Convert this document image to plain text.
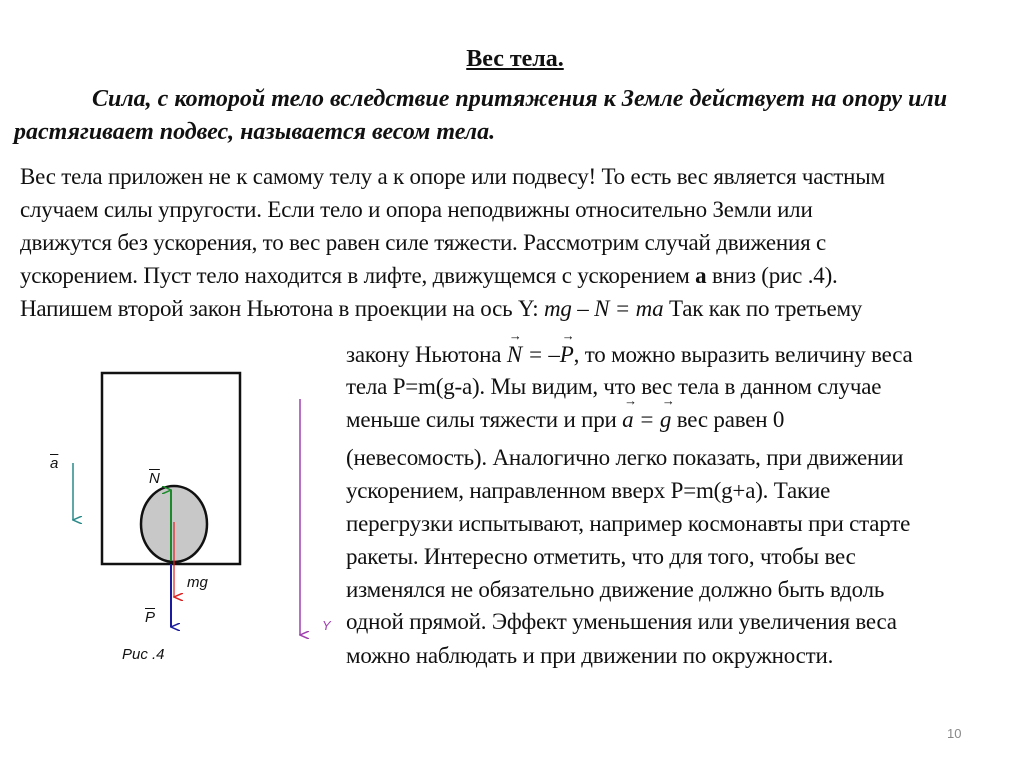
Вес тела.
Сила, с которой тело вследствие притяжения к Земле действует на опору или
растягивает подвес, называется весом тела.
Вес тела приложен не к самому телу а к опоре или подвесу! То есть вес является частным
случаем силы упругости. Если тело и опора неподвижны относительно Земли или
движутся без ускорения, то вес равен силе тяжести. Рассмотрим случай движения с
ускорением. Пуст тело находится в лифте, движущемся с ускорением а вниз (рис .4).
Напишем второй закон Ньютона в проекции на ось Y: mg – N = ma Так как по третьему
закону Ньютона → N = –→ P, то можно выразить величину веса
тела P=m(g-a). Мы видим, что вес тела в данном случае
меньше силы тяжести и при → a = → g вес равен 0
(невесомость). Аналогично легко показать, при движении
ускорением, направленном вверх P=m(g+a). Такие
перегрузки испытывают, например космонавты при старте
ракеты. Интересно отметить, что для того, чтобы вес
изменялся не обязательно движение должно быть вдоль
одной прямой. Эффект уменьшения или увеличения веса
можно наблюдать и при движении по окружности.
$\overline{a}$
$\overline{N}$
mg
$\overline{P}$	Y
Рис .4
10
